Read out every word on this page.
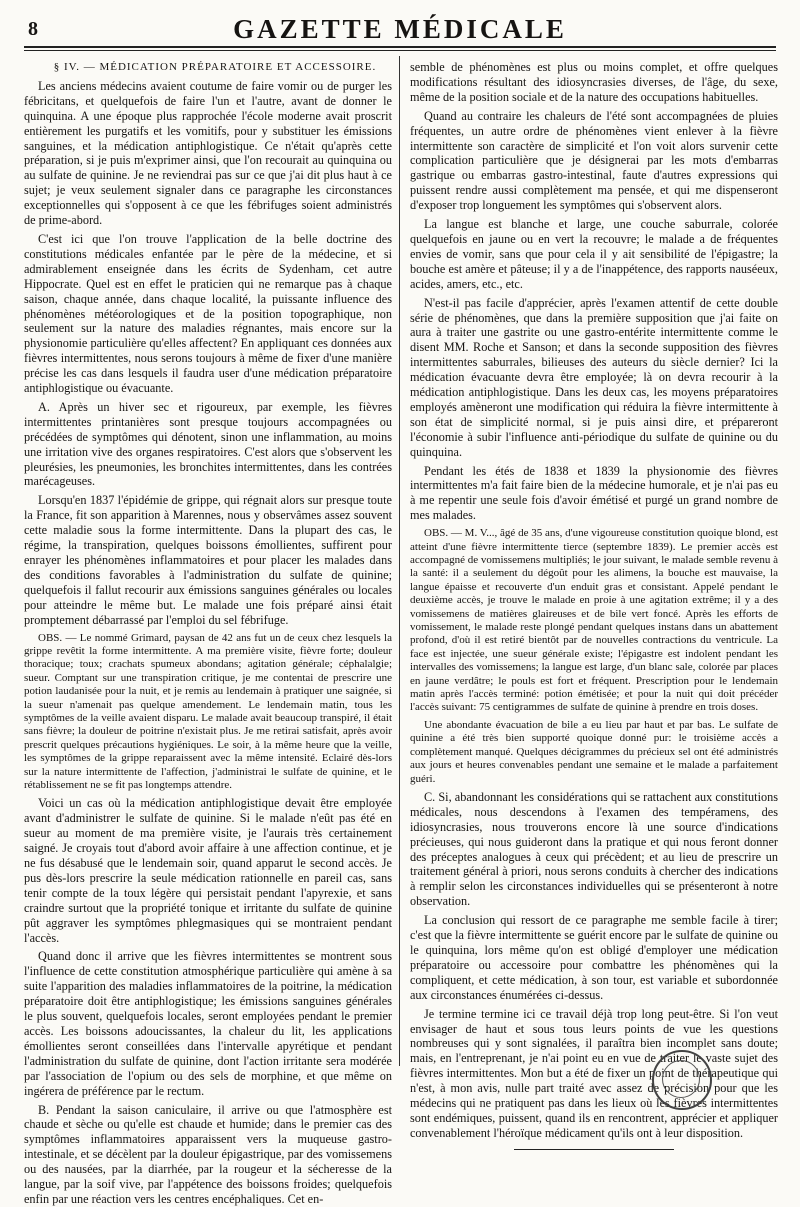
8	GAZETTE MÉDICALE

§ IV. — MÉDICATION PRÉPARATOIRE ET ACCESSOIRE.

Les anciens médecins avaient coutume de faire vomir ou de purger les fébricitans, et quelquefois de faire l'un et l'autre, avant de donner le quinquina. A une époque plus rapprochée l'école moderne avait proscrit entièrement les purgatifs et les vomitifs, pour y substituer les émissions sanguines, et la médication antiphlogistique. Ce n'était qu'après cette préparation, si je puis m'exprimer ainsi, que l'on recourait au quinquina ou au sulfate de quinine. Je ne reviendrai pas sur ce que j'ai dit plus haut à ce sujet; je veux seulement signaler dans ce paragraphe les circonstances exceptionnelles qui s'opposent à ce que les fébrifuges soient administrés de prime-abord.

C'est ici que l'on trouve l'application de la belle doctrine des constitutions médicales enfantée par le père de la médecine, et si admirablement enseignée dans les écrits de Sydenham, cet autre Hippocrate. Quel est en effet le praticien qui ne remarque pas à chaque saison, chaque année, dans chaque localité, la puissante influence des phénomènes météorologiques et de la position topographique, non seulement sur la nature des maladies régnantes, mais encore sur la physionomie particulière qu'elles affectent? En appliquant ces données aux fièvres intermittentes, nous serons toujours à même de fixer d'une manière précise les cas dans lesquels il faudra user d'une médication préparatoire antiphlogistique ou évacuante.

A. Après un hiver sec et rigoureux, par exemple, les fièvres intermittentes printanières sont presque toujours accompagnées ou précédées de symptômes qui dénotent, sinon une inflammation, au moins une irritation vive des organes respiratoires. C'est alors que s'observent les pleurésies, les pneumonies, les bronchites intermittentes, dans les contrées marécageuses.

Lorsqu'en 1837 l'épidémie de grippe, qui régnait alors sur presque toute la France, fit son apparition à Marennes, nous y observâmes assez souvent cette maladie sous la forme intermittente. Dans la plupart des cas, le régime, la transpiration, quelques boissons émollientes, suffirent pour enrayer les phénomènes inflammatoires et pour placer les malades dans des conditions favorables à l'administration du sulfate de quinine; quelquefois il fallut recourir aux émissions sanguines générales ou locales pour atteindre le même but. Le malade une fois préparé ainsi était promptement débarrassé par l'emploi du sel fébrifuge.

OBS. — Le nommé Grimard, paysan de 42 ans fut un de ceux chez lesquels la grippe revêtit la forme intermittente. A ma première visite, fièvre forte; douleur thoracique; toux; crachats spumeux abondans; agitation générale; céphalalgie; sueur. Comptant sur une transpiration critique, je me contentai de prescrire une potion laudanisée pour la nuit, et je remis au lendemain à pratiquer une saignée, si la sueur n'amenait pas quelque amendement. Le lendemain matin, tous les symptômes de la veille avaient disparu. Le malade avait beaucoup transpiré, il était sans fièvre; la douleur de poitrine n'existait plus. Je me retirai satisfait, après avoir prescrit quelques précautions hygiéniques. Le soir, à la même heure que la veille, les symptômes de la grippe reparaissent avec la même intensité. Eclairé dès-lors sur la nature intermittente de l'affection, j'administrai le sulfate de quinine, et le rétablissement ne se fit pas longtemps attendre.

Voici un cas où la médication antiphlogistique devait être employée avant d'administrer le sulfate de quinine. Si le malade n'eût pas été en sueur au moment de ma première visite, je l'aurais très certainement saigné. Je croyais tout d'abord avoir affaire à une affection continue, et je ne fus désabusé que le lendemain soir, quand apparut le second accès. Je pus dès-lors prescrire la seule médication rationnelle en pareil cas, sans tenir compte de la toux légère qui persistait pendant l'apyrexie, et sans craindre surtout que la propriété tonique et irritante du sulfate de quinine pût aggraver les symptômes phlegmasiques qui se montraient pendant l'accès.

Quand donc il arrive que les fièvres intermittentes se montrent sous l'influence de cette constitution atmosphérique particulière qui amène à sa suite l'apparition des maladies inflammatoires de la poitrine, la médication préparatoire doit être antiphlogistique; les émissions sanguines générales le plus souvent, quelquefois locales, seront employées pendant le premier accès. Les boissons adoucissantes, la chaleur du lit, les applications émollientes seront conseillées dans l'intervalle apyrétique et pendant l'administration du sulfate de quinine, dont l'action irritante sera modérée par l'association de l'opium ou des sels de morphine, et que même on ingérera de préférence par le rectum.

B. Pendant la saison caniculaire, il arrive ou que l'atmosphère est chaude et sèche ou qu'elle est chaude et humide; dans le premier cas des symptômes inflammatoires apparaissent vers la muqueuse gastro-intestinale, et se décèlent par la douleur épigastrique, par des vomissemens ou des nausées, par la diarrhée, par la rougeur et la sécheresse de la langue, par la soif vive, par l'appétence des boissons froides; quelquefois enfin par une réaction vers les centres encéphaliques. Cet en-

semble de phénomènes est plus ou moins complet, et offre quelques modifications résultant des idiosyncrasies diverses, de l'âge, du sexe, même de la position sociale et de la nature des occupations habituelles.

Quand au contraire les chaleurs de l'été sont accompagnées de pluies fréquentes, un autre ordre de phénomènes vient enlever à la fièvre intermittente son caractère de simplicité et l'on voit alors survenir cette complication particulière que je désignerai par les mots d'embarras gastrique ou embarras gastro-intestinal, faute d'autres expressions qui puissent rendre aussi complètement ma pensée, et qui me dispenseront d'exposer trop longuement les symptômes qui s'observent alors.

La langue est blanche et large, une couche saburrale, colorée quelquefois en jaune ou en vert la recouvre; le malade a de fréquentes envies de vomir, sans que pour cela il y ait sensibilité de l'épigastre; la bouche est amère et pâteuse; il y a de l'inappétence, des rapports nauséeux, acides, amers, etc., etc.

N'est-il pas facile d'apprécier, après l'examen attentif de cette double série de phénomènes, que dans la première supposition que j'ai faite on aura à traiter une gastrite ou une gastro-entérite intermittente comme le disent MM. Roche et Sanson; et dans la seconde supposition des fièvres intermittentes saburrales, bilieuses des auteurs du siècle dernier? Ici la médication évacuante devra être employée; là on devra recourir à la médication antiphlogistique. Dans les deux cas, les moyens préparatoires employés amèneront une modification qui réduira la fièvre intermittente à son état de simplicité normal, si je puis ainsi dire, et prépareront l'économie à subir l'influence anti-périodique du sulfate de quinine ou du quinquina.

Pendant les étés de 1838 et 1839 la physionomie des fièvres intermittentes m'a fait faire bien de la médecine humorale, et je n'ai pas eu à me repentir une seule fois d'avoir émétisé et purgé un grand nombre de mes malades.

OBS. — M. V..., âgé de 35 ans, d'une vigoureuse constitution quoique blond, est atteint d'une fièvre intermittente tierce (septembre 1839). Le premier accès est accompagné de vomissemens multipliés; le jour suivant, le malade semble revenu à la santé: il a seulement du dégoût pour les alimens, la bouche est mauvaise, la langue épaisse et recouverte d'un enduit gras et consistant. Appelé pendant le deuxième accès, je trouve le malade en proie à une agitation extrême; il y a des vomissemens de matières glaireuses et de bile vert foncé. Après les efforts de vomissement, le malade reste plongé pendant quelques instans dans un abattement profond, d'où il est retiré bientôt par de nouvelles contractions du ventricule. La face est injectée, une sueur générale existe; l'épigastre est indolent pendant les intervalles des vomissemens; la langue est large, d'un blanc sale, colorée par places en jaune verdâtre; le pouls est fort et fréquent. Prescription pour le lendemain matin après l'accès terminé: potion émétisée; et pour la nuit qui doit précéder l'accès suivant: 75 centigrammes de sulfate de quinine à prendre en trois doses.

Une abondante évacuation de bile a eu lieu par haut et par bas. Le sulfate de quinine a été très bien supporté quoique donné pur: le troisième accès a complètement manqué. Quelques décigrammes du précieux sel ont été administrés aux jours et heures convenables pendant une semaine et le malade a parfaitement guéri.

C. Si, abandonnant les considérations qui se rattachent aux constitutions médicales, nous descendons à l'examen des tempéramens, des idiosyncrasies, nous trouverons encore là une source d'indications précieuses, qui nous guideront dans la pratique et qui nous feront donner des préceptes analogues à ceux qui précèdent; et au lieu de prescrire un traitement général à priori, nous serons conduits à chercher des indications à remplir selon les circonstances individuelles qui se présenteront à notre observation.

La conclusion qui ressort de ce paragraphe me semble facile à tirer; c'est que la fièvre intermittente se guérit encore par le sulfate de quinine ou le quinquina, lors même qu'on est obligé d'employer une médication préparatoire ou accessoire pour combattre les phénomènes qui la compliquent, et cette médication, à son tour, est variable et subordonnée aux circonstances énumérées ci-dessus.

Je termine termine ici ce travail déjà trop long peut-être. Si l'on veut envisager de haut et sous tous leurs points de vue les questions nombreuses qui y sont signalées, il paraîtra bien incomplet sans doute; mais, en l'entreprenant, je n'ai point eu en vue de traiter le vaste sujet des fièvres intermittentes. Mon but a été de fixer un point de thérapeutique qui n'est, à mon avis, nulle part traité avec assez de précision pour que les médecins qui ne pratiquent pas dans les lieux où les fièvres intermittentes sont endémiques, puissent, quand ils en rencontrent, apprécier et appliquer convenablement l'héroïque médicament qu'ils ont à leur disposition.
